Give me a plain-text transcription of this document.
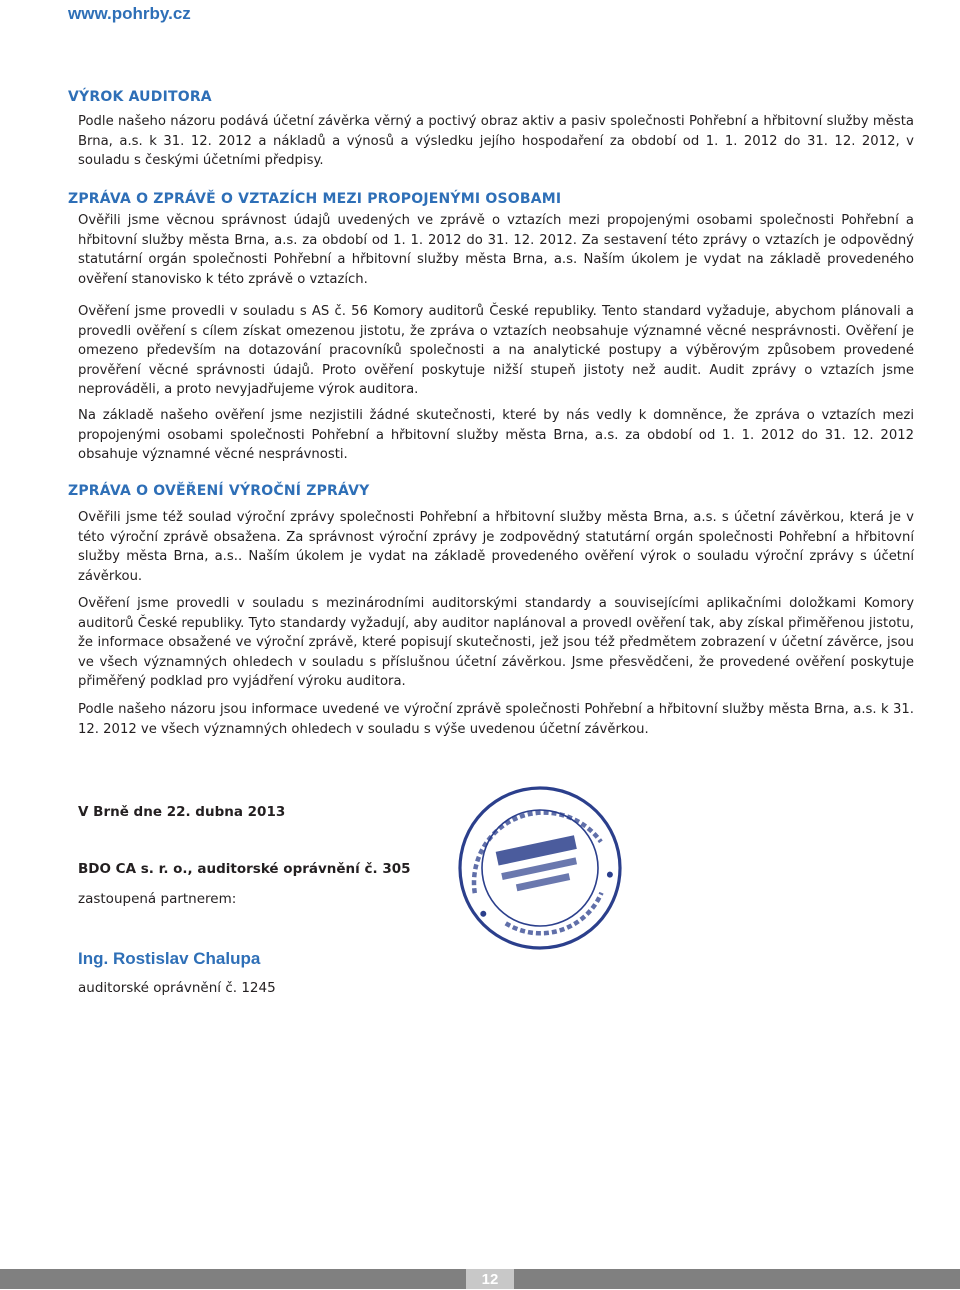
www.pohrby.cz
VÝROK AUDITORA

Podle našeho názoru podává účetní závěrka věrný a poctivý obraz aktiv a pasiv společnosti Pohřební a hřbitovní služby města Brna, a.s. k 31. 12. 2012 a nákladů a výnosů a výsledku jejího hospodaření za období od 1. 1. 2012 do 31. 12. 2012, v souladu s českými účetními předpisy.

ZPRÁVA O ZPRÁVĚ O VZTAZÍCH MEZI PROPOJENÝMI OSOBAMI

Ověřili jsme věcnou správnost údajů uvedených ve zprávě o vztazích mezi propojenými osobami společnosti Pohřební a hřbitovní služby města Brna, a.s. za období od 1. 1. 2012 do 31. 12. 2012. Za sestavení této zprávy o vztazích je odpovědný statutární orgán společnosti Pohřební a hřbitovní služby města Brna, a.s. Naším úkolem je vydat na základě provedeného ověření stanovisko k této zprávě o vztazích.

Ověření jsme provedli v souladu s AS č. 56 Komory auditorů České republiky. Tento standard vyžaduje, abychom plánovali a provedli ověření s cílem získat omezenou jistotu, že zpráva o vztazích neobsahuje významné věcné nesprávnosti. Ověření je omezeno především na dotazování pracovníků společnosti a na analytické postupy a výběrovým způsobem provedené prověření věcné správnosti údajů. Proto ověření poskytuje nižší stupeň jistoty než audit. Audit zprávy o vztazích jsme neprováděli, a proto nevyjadřujeme výrok auditora.

Na základě našeho ověření jsme nezjistili žádné skutečnosti, které by nás vedly k domněnce, že zpráva o vztazích mezi propojenými osobami společnosti Pohřební a hřbitovní služby města Brna, a.s. za období od 1. 1. 2012 do 31. 12. 2012 obsahuje významné věcné nesprávnosti.

ZPRÁVA O OVĚŘENÍ VÝROČNÍ ZPRÁVY

Ověřili jsme též soulad výroční zprávy společnosti Pohřební a hřbitovní služby města Brna, a.s. s účetní závěrkou, která je v této výroční zprávě obsažena. Za správnost výroční zprávy je zodpovědný statutární orgán společnosti Pohřební a hřbitovní služby města Brna, a.s.. Naším úkolem je vydat na základě provedeného ověření výrok o souladu výroční zprávy s účetní závěrkou.

Ověření jsme provedli v souladu s mezinárodními auditorskými standardy a souvisejícími aplikačními doložkami Komory auditorů České republiky. Tyto standardy vyžadují, aby auditor naplánoval a provedl ověření tak, aby získal přiměřenou jistotu, že informace obsažené ve výroční zprávě, které popisují skutečnosti, jež jsou též předmětem zobrazení v účetní závěrce, jsou ve všech významných ohledech v souladu s příslušnou účetní závěrkou. Jsme přesvědčeni, že provedené ověření poskytuje přiměřený podklad pro vyjádření výroku auditora.

Podle našeho názoru jsou informace uvedené ve výroční zprávě společnosti Pohřební a hřbitovní služby města Brna, a.s. k 31. 12. 2012 ve všech významných ohledech v souladu s výše uvedenou účetní závěrkou.

V Brně dne 22. dubna 2013

BDO CA s. r. o., auditorské oprávnění č. 305

zastoupená partnerem:

Ing. Rostislav Chalupa

auditorské oprávnění č. 1245

12
